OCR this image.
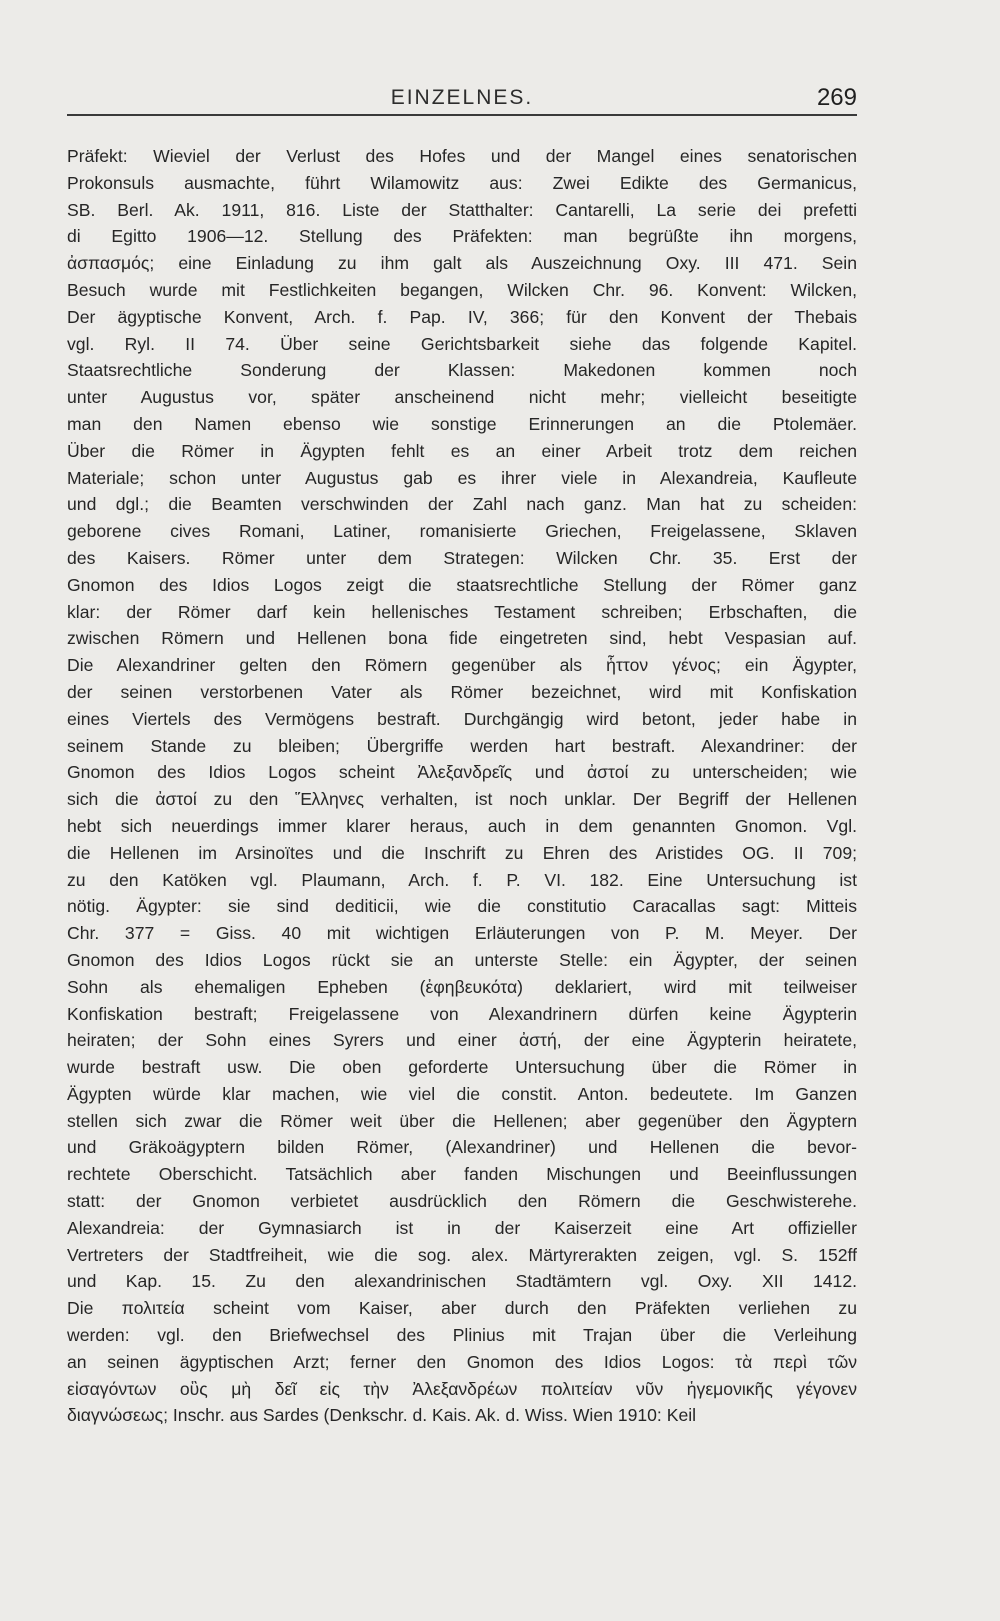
EINZELNES.	269
Präfekt: Wieviel der Verlust des Hofes und der Mangel eines senatorischen
Prokonsuls ausmachte, führt Wilamowitz aus: Zwei Edikte des Germanicus,
SB. Berl. Ak. 1911, 816. Liste der Statthalter: Cantarelli, La serie dei prefetti
di Egitto 1906—12. Stellung des Präfekten: man begrüßte ihn morgens,
ἀσπασμός; eine Einladung zu ihm galt als Auszeichnung Oxy. III 471. Sein
Besuch wurde mit Festlichkeiten begangen, Wilcken Chr. 96. Konvent: Wilcken,
Der ägyptische Konvent, Arch. f. Pap. IV, 366; für den Konvent der Thebais
vgl. Ryl. II 74. Über seine Gerichtsbarkeit siehe das folgende Kapitel.
Staatsrechtliche Sonderung der Klassen: Makedonen kommen noch
unter Augustus vor, später anscheinend nicht mehr; vielleicht beseitigte
man den Namen ebenso wie sonstige Erinnerungen an die Ptolemäer.
Über die Römer in Ägypten fehlt es an einer Arbeit trotz dem reichen
Materiale; schon unter Augustus gab es ihrer viele in Alexandreia, Kaufleute
und dgl.; die Beamten verschwinden der Zahl nach ganz. Man hat zu scheiden:
geborene cives Romani, Latiner, romanisierte Griechen, Freigelassene, Sklaven
des Kaisers. Römer unter dem Strategen: Wilcken Chr. 35. Erst der
Gnomon des Idios Logos zeigt die staatsrechtliche Stellung der Römer ganz
klar: der Römer darf kein hellenisches Testament schreiben; Erbschaften, die
zwischen Römern und Hellenen bona fide eingetreten sind, hebt Vespasian auf.
Die Alexandriner gelten den Römern gegenüber als ἧττον γένος; ein Ägypter,
der seinen verstorbenen Vater als Römer bezeichnet, wird mit Konfiskation
eines Viertels des Vermögens bestraft. Durchgängig wird betont, jeder habe in
seinem Stande zu bleiben; Übergriffe werden hart bestraft. Alexandriner: der
Gnomon des Idios Logos scheint Ἀλεξανδρεῖς und ἀστοί zu unterscheiden; wie
sich die ἀστοί zu den Ἕλληνες verhalten, ist noch unklar. Der Begriff der Hellenen
hebt sich neuerdings immer klarer heraus, auch in dem genannten Gnomon. Vgl.
die Hellenen im Arsinoïtes und die Inschrift zu Ehren des Aristides OG. II 709;
zu den Katöken vgl. Plaumann, Arch. f. P. VI. 182. Eine Untersuchung ist
nötig. Ägypter: sie sind dediticii, wie die constitutio Caracallas sagt: Mitteis
Chr. 377 = Giss. 40 mit wichtigen Erläuterungen von P. M. Meyer. Der
Gnomon des Idios Logos rückt sie an unterste Stelle: ein Ägypter, der seinen
Sohn als ehemaligen Epheben (ἐφηβευκότα) deklariert, wird mit teilweiser
Konfiskation bestraft; Freigelassene von Alexandrinern dürfen keine Ägypterin
heiraten; der Sohn eines Syrers und einer ἀστή, der eine Ägypterin heiratete,
wurde bestraft usw. Die oben geforderte Untersuchung über die Römer in
Ägypten würde klar machen, wie viel die constit. Anton. bedeutete. Im Ganzen
stellen sich zwar die Römer weit über die Hellenen; aber gegenüber den Ägyptern
und Gräkoägyptern bilden Römer, (Alexandriner) und Hellenen die bevor-
rechtete Oberschicht. Tatsächlich aber fanden Mischungen und Beeinflussungen
statt: der Gnomon verbietet ausdrücklich den Römern die Geschwisterehe.
Alexandreia: der Gymnasiarch ist in der Kaiserzeit eine Art offizieller
Vertreters der Stadtfreiheit, wie die sog. alex. Märtyrerakten zeigen, vgl. S. 152ff
und Kap. 15. Zu den alexandrinischen Stadtämtern vgl. Oxy. XII 1412.
Die πολιτεία scheint vom Kaiser, aber durch den Präfekten verliehen zu
werden: vgl. den Briefwechsel des Plinius mit Trajan über die Verleihung
an seinen ägyptischen Arzt; ferner den Gnomon des Idios Logos: τὰ περὶ τῶν
εἰσαγόντων οὓς μὴ δεῖ εἰς τὴν Ἀλεξανδρέων πολιτείαν νῦν ἡγεμονικῆς γέγονεν
διαγνώσεως; Inschr. aus Sardes (Denkschr. d. Kais. Ak. d. Wiss. Wien 1910: Keil
